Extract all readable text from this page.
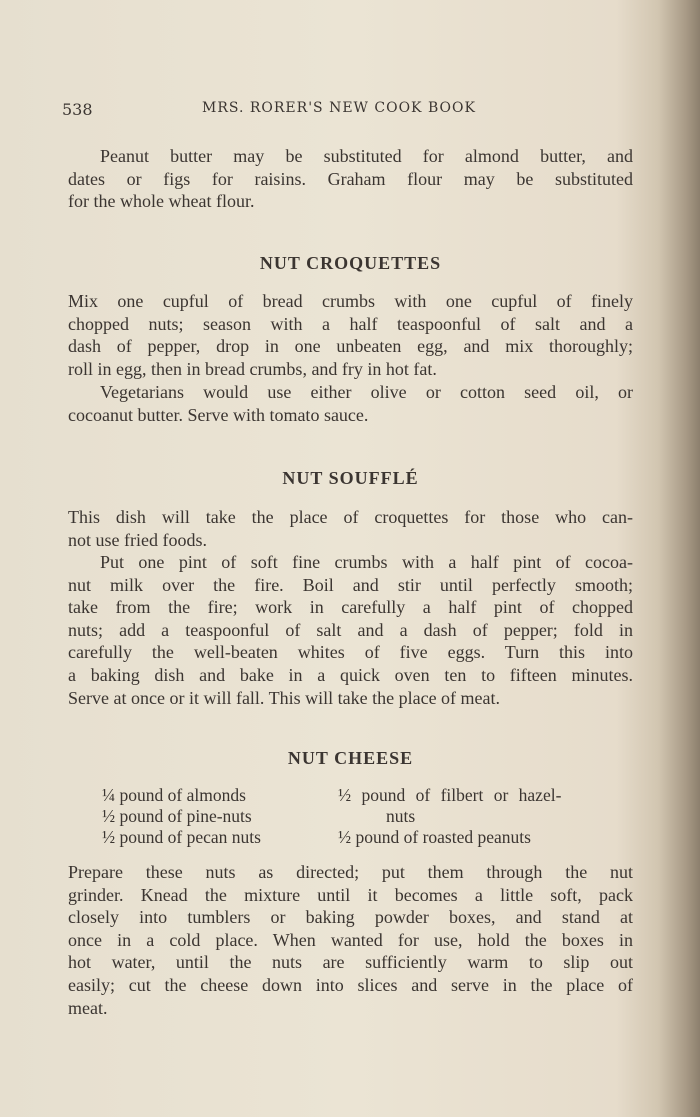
538	MRS. RORER'S NEW COOK BOOK
Peanut butter may be substituted for almond butter, and
dates or figs for raisins. Graham flour may be substituted
for the whole wheat flour.
NUT CROQUETTES
Mix one cupful of bread crumbs with one cupful of finely
chopped nuts; season with a half teaspoonful of salt and a
dash of pepper, drop in one unbeaten egg, and mix thoroughly;
roll in egg, then in bread crumbs, and fry in hot fat.
Vegetarians would use either olive or cotton seed oil, or
cocoanut butter. Serve with tomato sauce.
NUT SOUFFLÉ
This dish will take the place of croquettes for those who can-
not use fried foods.
Put one pint of soft fine crumbs with a half pint of cocoa-
nut milk over the fire. Boil and stir until perfectly smooth;
take from the fire; work in carefully a half pint of chopped
nuts; add a teaspoonful of salt and a dash of pepper; fold in
carefully the well-beaten whites of five eggs. Turn this into
a baking dish and bake in a quick oven ten to fifteen minutes.
Serve at once or it will fall. This will take the place of meat.
NUT CHEESE
¼ pound of almonds
½ pound of pine-nuts
½ pound of pecan nuts
½ pound of filbert or hazel-
nuts
½ pound of roasted peanuts
Prepare these nuts as directed; put them through the nut
grinder. Knead the mixture until it becomes a little soft, pack
closely into tumblers or baking powder boxes, and stand at
once in a cold place. When wanted for use, hold the boxes in
hot water, until the nuts are sufficiently warm to slip out
easily; cut the cheese down into slices and serve in the place of
meat.
